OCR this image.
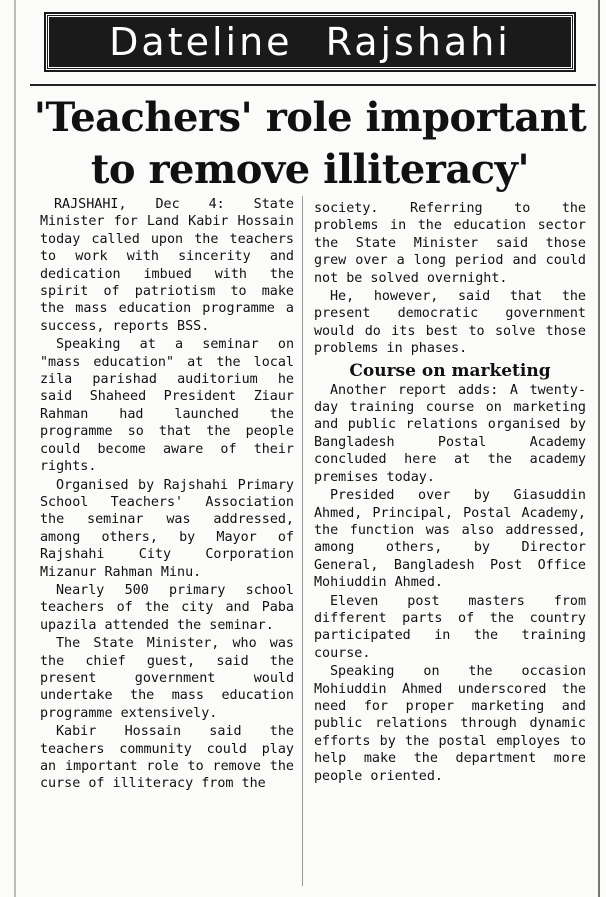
Dateline Rajshahi
'Teachers' role important
to remove illiteracy'

RAJSHAHI, Dec 4: State Minister for Land Kabir Hossain today called upon the teachers to work with sincerity and dedication imbued with the spirit of patriotism to make the mass education programme a success, reports BSS.

Speaking at a seminar on "mass education" at the local zila parishad auditorium he said Shaheed President Ziaur Rahman had launched the programme so that the people could become aware of their rights.

Organised by Rajshahi Primary School Teachers' Association the seminar was addressed, among others, by Mayor of Rajshahi City Corporation Mizanur Rahman Minu.

Nearly 500 primary school teachers of the city and Paba upazila attended the seminar.

The State Minister, who was the chief guest, said the present government would undertake the mass education programme extensively.

Kabir Hossain said the teachers community could play an important role to remove the curse of illiteracy from the

society. Referring to the problems in the education sector the State Minister said those grew over a long period and could not be solved overnight.

He, however, said that the present democratic government would do its best to solve those problems in phases.

Course on marketing

Another report adds: A twenty-day training course on marketing and public relations organised by Bangladesh Postal Academy concluded here at the academy premises today.

Presided over by Giasuddin Ahmed, Principal, Postal Academy, the function was also addressed, among others, by Director General, Bangladesh Post Office Mohiuddin Ahmed.

Eleven post masters from different parts of the country participated in the training course.

Speaking on the occasion Mohiuddin Ahmed underscored the need for proper marketing and public relations through dynamic efforts by the postal employes to help make the department more people oriented.
